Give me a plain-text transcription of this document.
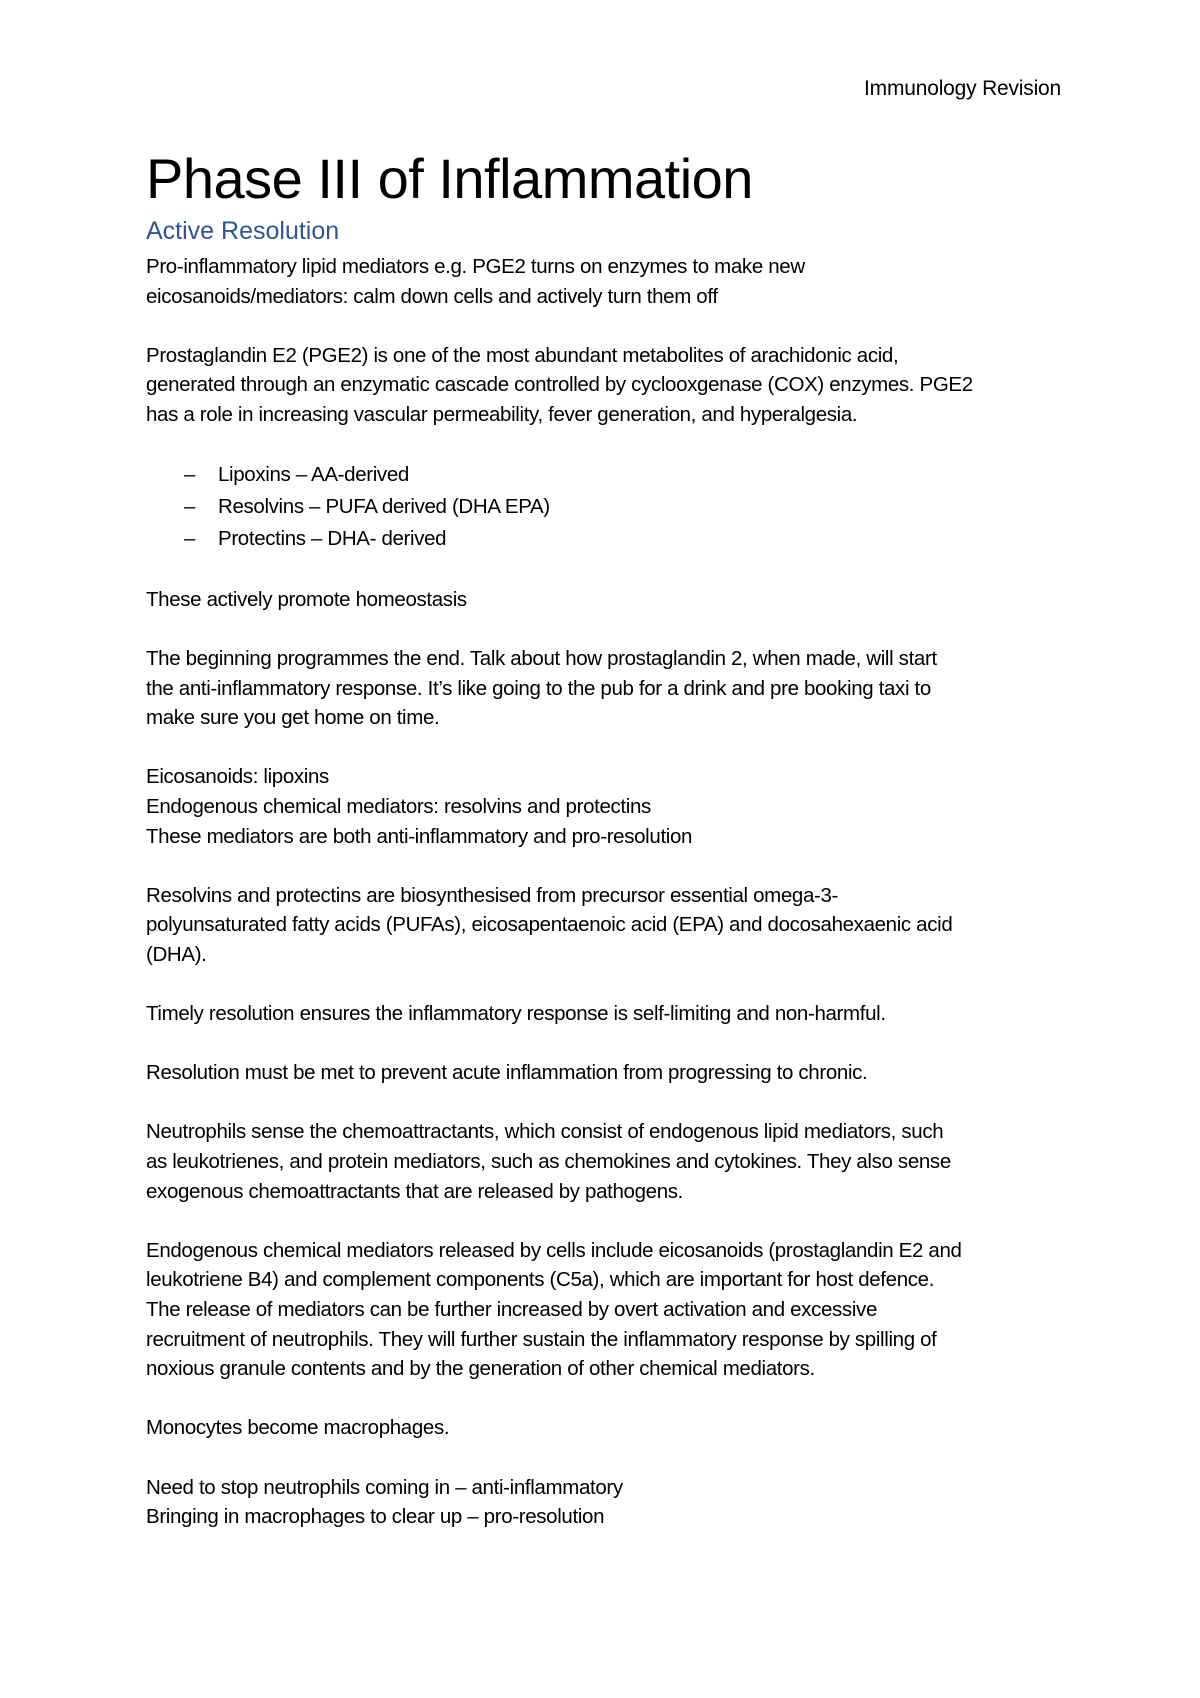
Immunology Revision
Phase III of Inflammation
Active Resolution

Pro-inflammatory lipid mediators e.g. PGE2 turns on enzymes to make new

eicosanoids/mediators: calm down cells and actively turn them off

Prostaglandin E2 (PGE2) is one of the most abundant metabolites of arachidonic acid,

generated through an enzymatic cascade controlled by cyclooxgenase (COX) enzymes. PGE2

has a role in increasing vascular permeability, fever generation, and hyperalgesia.

– Lipoxins – AA-derived
– Resolvins – PUFA derived (DHA EPA)
– Protectins – DHA- derived

These actively promote homeostasis

The beginning programmes the end. Talk about how prostaglandin 2, when made, will start

the anti-inflammatory response. It’s like going to the pub for a drink and pre booking taxi to

make sure you get home on time.

Eicosanoids: lipoxins

Endogenous chemical mediators: resolvins and protectins

These mediators are both anti-inflammatory and pro-resolution

Resolvins and protectins are biosynthesised from precursor essential omega-3-

polyunsaturated fatty acids (PUFAs), eicosapentaenoic acid (EPA) and docosahexaenic acid

(DHA).

Timely resolution ensures the inflammatory response is self-limiting and non-harmful.

Resolution must be met to prevent acute inflammation from progressing to chronic.

Neutrophils sense the chemoattractants, which consist of endogenous lipid mediators, such

as leukotrienes, and protein mediators, such as chemokines and cytokines. They also sense

exogenous chemoattractants that are released by pathogens.

Endogenous chemical mediators released by cells include eicosanoids (prostaglandin E2 and

leukotriene B4) and complement components (C5a), which are important for host defence.

The release of mediators can be further increased by overt activation and excessive

recruitment of neutrophils. They will further sustain the inflammatory response by spilling of

noxious granule contents and by the generation of other chemical mediators.

Monocytes become macrophages.

Need to stop neutrophils coming in – anti-inflammatory

Bringing in macrophages to clear up – pro-resolution
